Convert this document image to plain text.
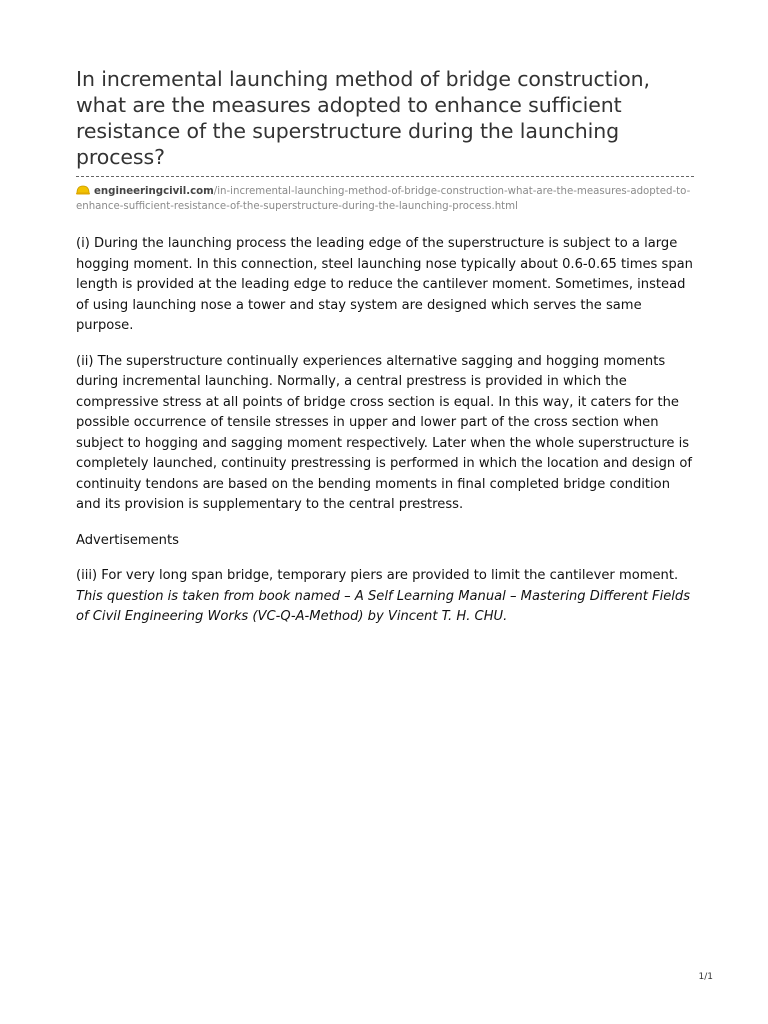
In incremental launching method of bridge construction, what are the measures adopted to enhance sufficient resistance of the superstructure during the launching process?
engineeringcivil.com/in-incremental-launching-method-of-bridge-construction-what-are-the-measures-adopted-to-enhance-sufficient-resistance-of-the-superstructure-during-the-launching-process.html

(i) During the launching process the leading edge of the superstructure is subject to a large hogging moment. In this connection, steel launching nose typically about 0.6-0.65 times span length is provided at the leading edge to reduce the cantilever moment. Sometimes, instead of using launching nose a tower and stay system are designed which serves the same purpose.

(ii) The superstructure continually experiences alternative sagging and hogging moments during incremental launching. Normally, a central prestress is provided in which the compressive stress at all points of bridge cross section is equal. In this way, it caters for the possible occurrence of tensile stresses in upper and lower part of the cross section when subject to hogging and sagging moment respectively. Later when the whole superstructure is completely launched, continuity prestressing is performed in which the location and design of continuity tendons are based on the bending moments in final completed bridge condition and its provision is supplementary to the central prestress.

Advertisements

(iii) For very long span bridge, temporary piers are provided to limit the cantilever moment.

This question is taken from book named – A Self Learning Manual – Mastering Different Fields of Civil Engineering Works (VC-Q-A-Method) by Vincent T. H. CHU.

1/1
